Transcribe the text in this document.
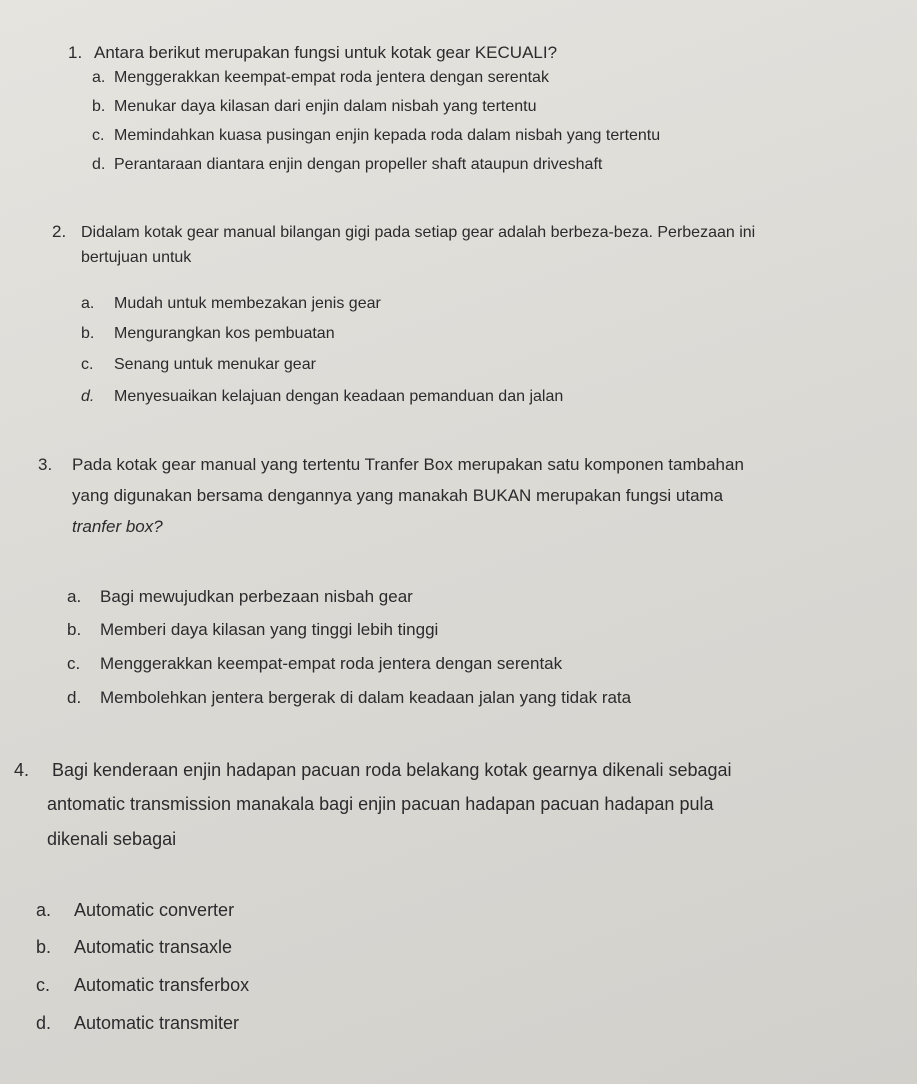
1. Antara berikut merupakan fungsi untuk kotak gear KECUALI?
a. Menggerakkan keempat-empat roda jentera dengan serentak
b. Menukar daya kilasan dari enjin dalam nisbah yang tertentu
c. Memindahkan kuasa pusingan enjin kepada roda dalam nisbah yang tertentu
d. Perantaraan diantara enjin dengan propeller shaft ataupun driveshaft
2. Didalam kotak gear manual bilangan gigi pada setiap gear adalah berbeza-beza. Perbezaan ini
bertujuan untuk
a. Mudah untuk membezakan jenis gear
b. Mengurangkan kos pembuatan
c. Senang untuk menukar gear
d. Menyesuaikan kelajuan dengan keadaan pemanduan dan jalan
3. Pada kotak gear manual yang tertentu Tranfer Box merupakan satu komponen tambahan
yang digunakan bersama dengannya yang manakah BUKAN merupakan fungsi utama
tranfer box?
a. Bagi mewujudkan perbezaan nisbah gear
b. Memberi daya kilasan yang tinggi lebih tinggi
c. Menggerakkan keempat-empat roda jentera dengan serentak
d. Membolehkan jentera bergerak di dalam keadaan jalan yang tidak rata
4. Bagi kenderaan enjin hadapan pacuan roda belakang kotak gearnya dikenali sebagai
antomatic transmission manakala bagi enjin pacuan hadapan pacuan hadapan pula
dikenali sebagai
a. Automatic converter
b. Automatic transaxle
c. Automatic transferbox
d. Automatic transmiter
